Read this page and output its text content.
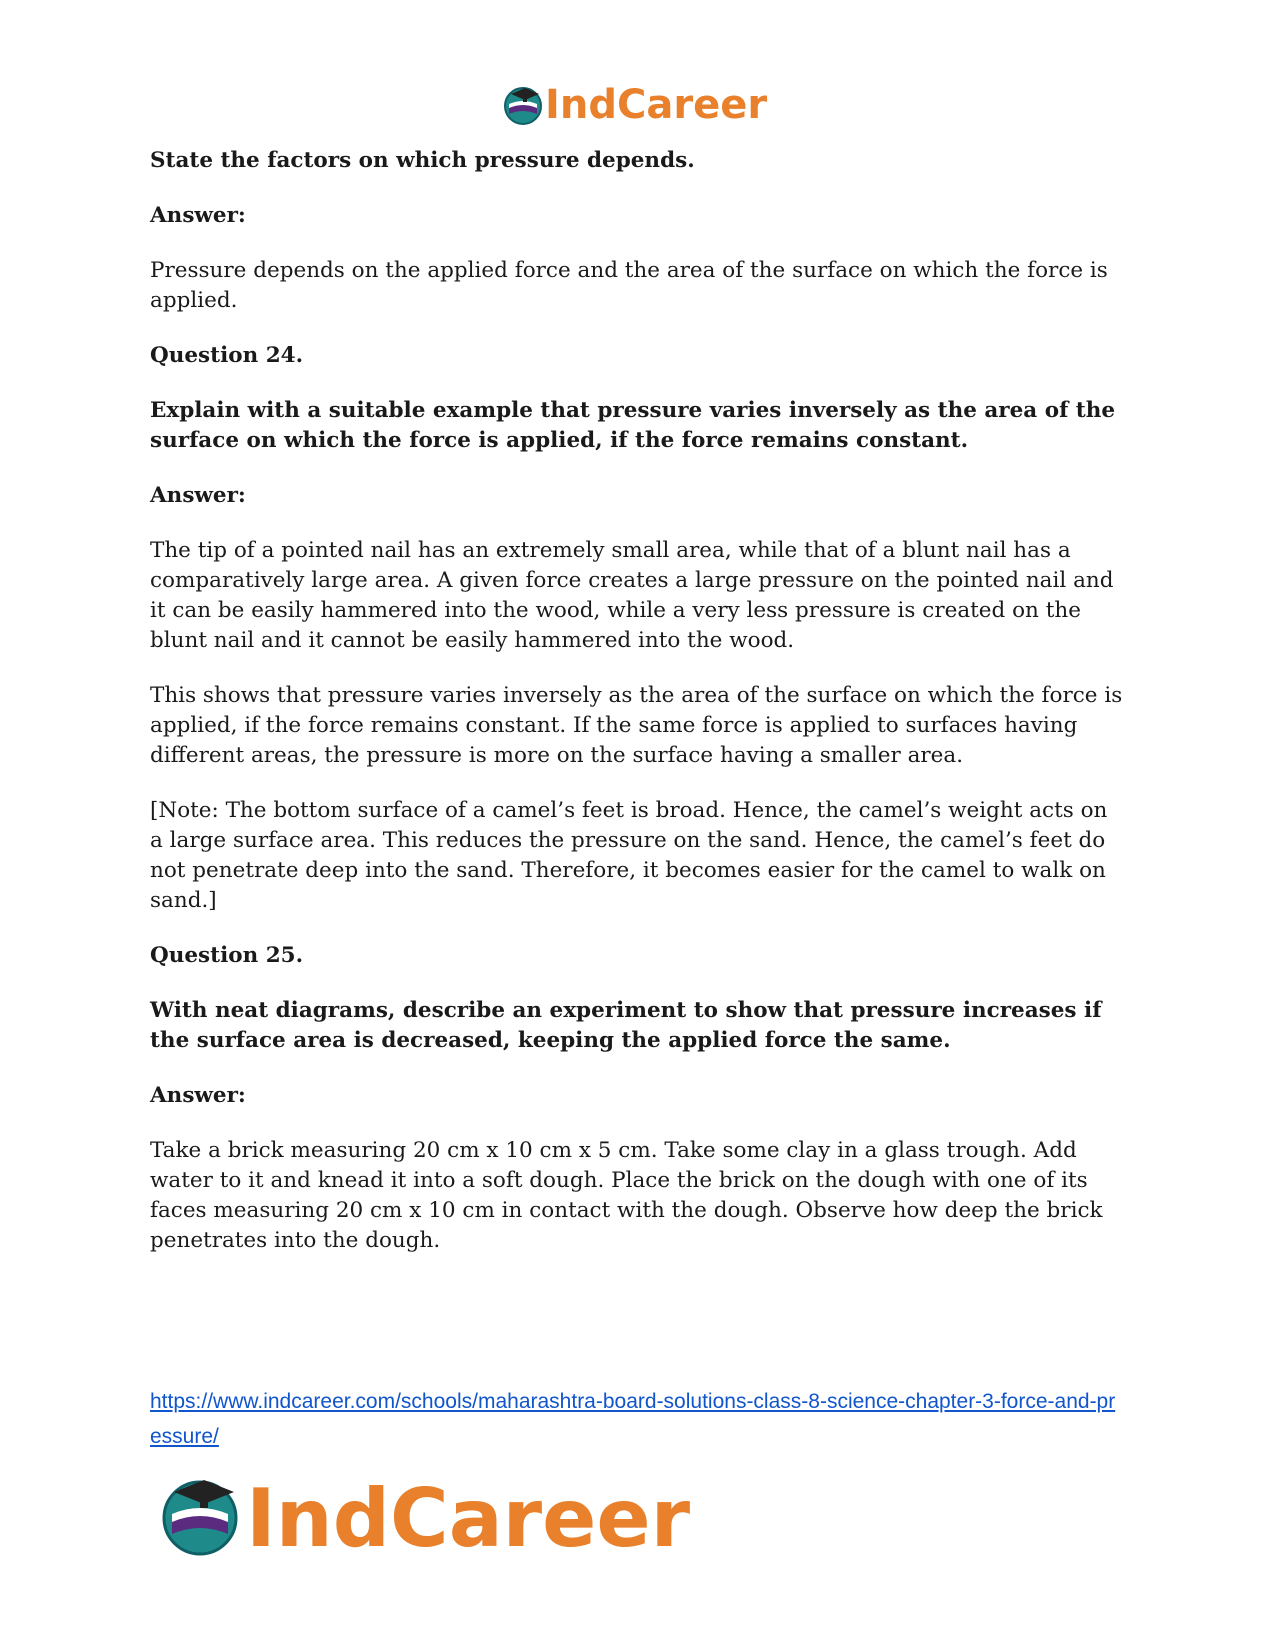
IndCareer

State the factors on which pressure depends.

Answer:

Pressure depends on the applied force and the area of the surface on which the force is applied.

Question 24.

Explain with a suitable example that pressure varies inversely as the area of the surface on which the force is applied, if the force remains constant.

Answer:

The tip of a pointed nail has an extremely small area, while that of a blunt nail has a comparatively large area. A given force creates a large pressure on the pointed nail and it can be easily hammered into the wood, while a very less pressure is created on the blunt nail and it cannot be easily hammered into the wood.

This shows that pressure varies inversely as the area of the surface on which the force is applied, if the force remains constant. If the same force is applied to surfaces having different areas, the pressure is more on the surface having a smaller area.

[Note: The bottom surface of a camel’s feet is broad. Hence, the camel’s weight acts on a large surface area. This reduces the pressure on the sand. Hence, the camel’s feet do not penetrate deep into the sand. Therefore, it becomes easier for the camel to walk on sand.]

Question 25.

With neat diagrams, describe an experiment to show that pressure increases if the surface area is decreased, keeping the applied force the same.

Answer:

Take a brick measuring 20 cm x 10 cm x 5 cm. Take some clay in a glass trough. Add water to it and knead it into a soft dough. Place the brick on the dough with one of its faces measuring 20 cm x 10 cm in contact with the dough. Observe how deep the brick penetrates into the dough.

https://www.indcareer.com/schools/maharashtra-board-solutions-class-8-science-chapter-3-force-and-pressure/
IndCareer
